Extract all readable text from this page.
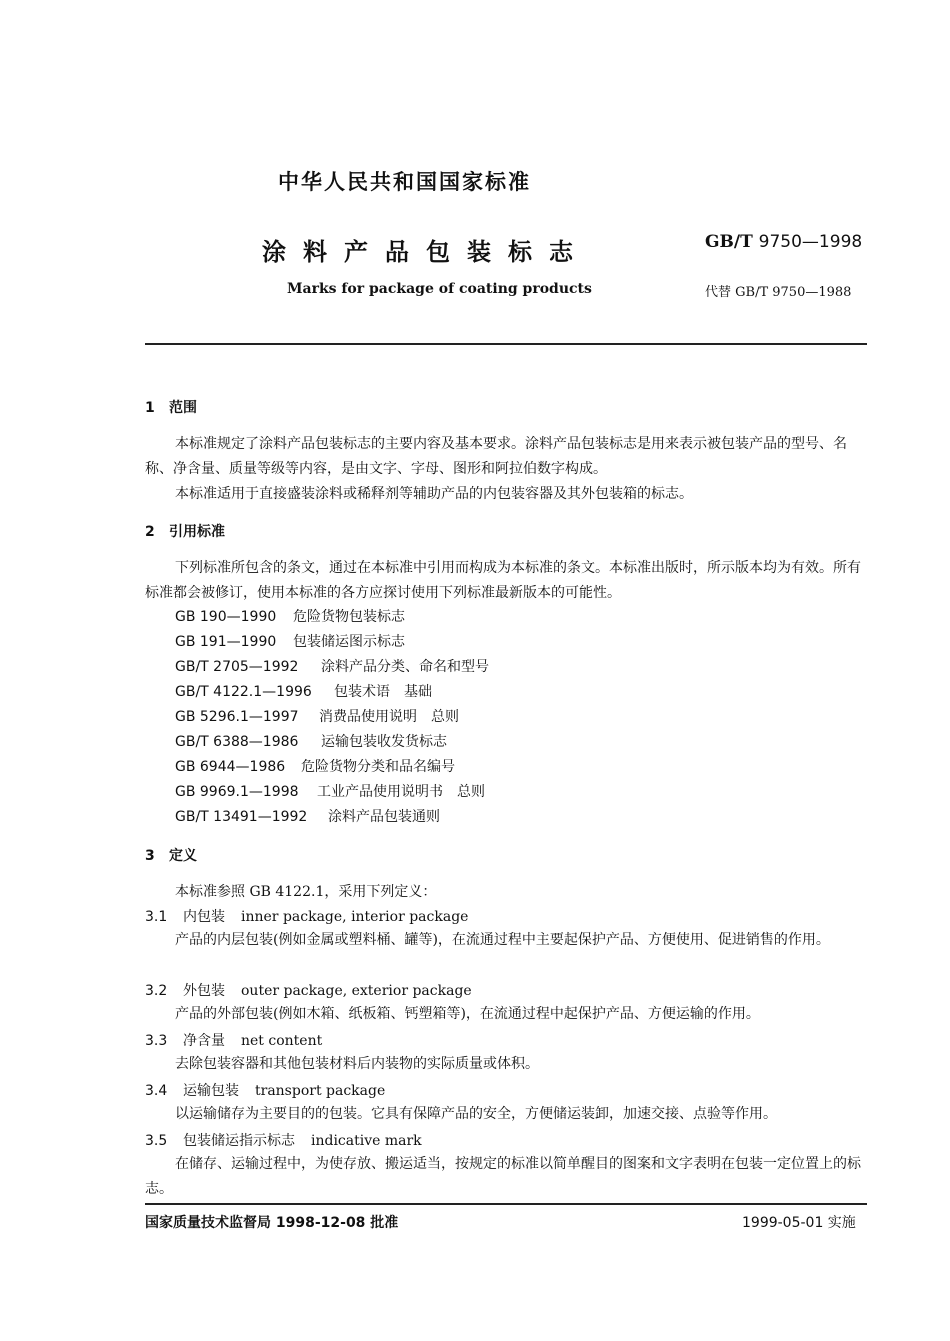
中华人民共和国国家标准
涂料产品包装标志
Marks for package of coating products
GB/T 9750—1998
代替 GB/T 9750—1988
1 范围
本标准规定了涂料产品包装标志的主要内容及基本要求。涂料产品包装标志是用来表示被包装产品的型号、名称、净含量、质量等级等内容，是由文字、字母、图形和阿拉伯数字构成。
本标准适用于直接盛装涂料或稀释剂等辅助产品的内包装容器及其外包装箱的标志。
2 引用标准
下列标准所包含的条文，通过在本标准中引用而构成为本标准的条文。本标准出版时，所示版本均为有效。所有标准都会被修订，使用本标准的各方应探讨使用下列标准最新版本的可能性。
GB 190—1990 危险货物包装标志
GB 191—1990 包装储运图示标志
GB/T 2705—1992 涂料产品分类、命名和型号
GB/T 4122.1—1996 包装术语　基础
GB 5296.1—1997 消费品使用说明　总则
GB/T 6388—1986 运输包装收发货标志
GB 6944—1986 危险货物分类和品名编号
GB 9969.1—1998 工业产品使用说明书　总则
GB/T 13491—1992 涂料产品包装通则
3 定义
本标准参照 GB 4122.1，采用下列定义：
3.1 内包装 inner package, interior package
产品的内层包装(例如金属或塑料桶、罐等)，在流通过程中主要起保护产品、方便使用、促进销售的作用。
3.2 外包装 outer package, exterior package
产品的外部包装(例如木箱、纸板箱、钙塑箱等)，在流通过程中起保护产品、方便运输的作用。
3.3 净含量 net content
去除包装容器和其他包装材料后内装物的实际质量或体积。
3.4 运输包装 transport package
以运输储存为主要目的的包装。它具有保障产品的安全，方便储运装卸，加速交接、点验等作用。
3.5 包装储运指示标志 indicative mark
在储存、运输过程中，为使存放、搬运适当，按规定的标准以简单醒目的图案和文字表明在包装一定位置上的标志。
国家质量技术监督局 1998-12-08 批准	1999-05-01 实施
